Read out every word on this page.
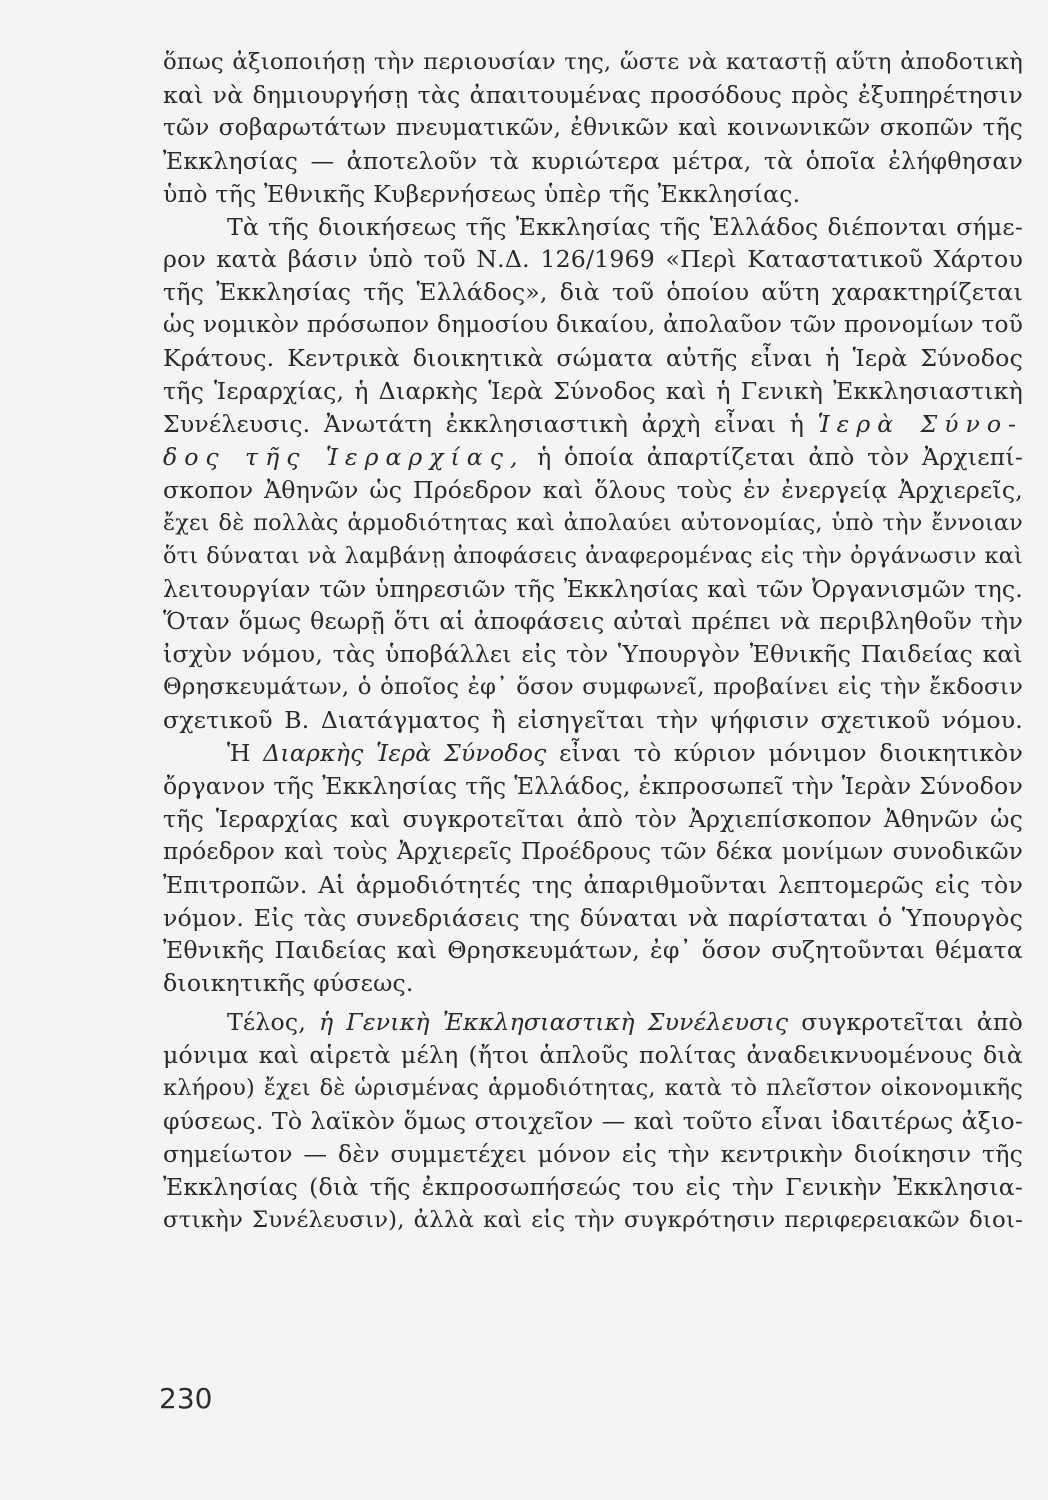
ὅπως ἀξιοποιήσῃ τὴν περιουσίαν της, ὥστε νὰ καταστῇ αὕτη ἀποδοτικὴ
καὶ νὰ δημιουργήσῃ τὰς ἀπαιτουμένας προσόδους πρὸς ἐξυπηρέτησιν
τῶν σοβαρωτάτων πνευματικῶν, ἐθνικῶν καὶ κοινωνικῶν σκοπῶν τῆς
Ἐκκλησίας — ἀποτελοῦν τὰ κυριώτερα μέτρα, τὰ ὁποῖα ἐλήφθησαν
ὑπὸ τῆς Ἐθνικῆς Κυβερνήσεως ὑπὲρ τῆς Ἐκκλησίας.
Τὰ τῆς διοικήσεως τῆς Ἐκκλησίας τῆς Ἑλλάδος διέπονται σήμε-
ρον κατὰ βάσιν ὑπὸ τοῦ Ν.Δ. 126/1969 «Περὶ Καταστατικοῦ Χάρτου
τῆς Ἐκκλησίας τῆς Ἑλλάδος», διὰ τοῦ ὁποίου αὕτη χαρακτηρίζεται
ὡς νομικὸν πρόσωπον δημοσίου δικαίου, ἀπολαῦον τῶν προνομίων τοῦ
Κράτους. Κεντρικὰ διοικητικὰ σώματα αὐτῆς εἶναι ἡ Ἱερὰ Σύνοδος
τῆς Ἱεραρχίας, ἡ Διαρκὴς Ἱερὰ Σύνοδος καὶ ἡ Γενικὴ Ἐκκλησιαστικὴ
Συνέλευσις. Ἀνωτάτη ἐκκλησιαστικὴ ἀρχὴ εἶναι ἡ Ἱερὰ Σύνο-
δος τῆς Ἱεραρχίας, ἡ ὁποία ἀπαρτίζεται ἀπὸ τὸν Ἀρχιεπί-
σκοπον Ἀθηνῶν ὡς Πρόεδρον καὶ ὅλους τοὺς ἐν ἐνεργείᾳ Ἀρχιερεῖς,
ἔχει δὲ πολλὰς ἁρμοδιότητας καὶ ἀπολαύει αὐτονομίας, ὑπὸ τὴν ἔννοιαν
ὅτι δύναται νὰ λαμβάνῃ ἀποφάσεις ἀναφερομένας εἰς τὴν ὀργάνωσιν καὶ
λειτουργίαν τῶν ὑπηρεσιῶν τῆς Ἐκκλησίας καὶ τῶν Ὀργανισμῶν της.
Ὅταν ὅμως θεωρῇ ὅτι αἱ ἀποφάσεις αὐταὶ πρέπει νὰ περιβληθοῦν τὴν
ἰσχὺν νόμου, τὰς ὑποβάλλει εἰς τὸν Ὑπουργὸν Ἐθνικῆς Παιδείας καὶ
Θρησκευμάτων, ὁ ὁποῖος ἐφ᾽ ὅσον συμφωνεῖ, προβαίνει εἰς τὴν ἔκδοσιν
σχετικοῦ Β. Διατάγματος ἢ εἰσηγεῖται τὴν ψήφισιν σχετικοῦ νόμου.
Ἡ Διαρκὴς Ἱερὰ Σύνοδος εἶναι τὸ κύριον μόνιμον διοικητικὸν
ὄργανον τῆς Ἐκκλησίας τῆς Ἑλλάδος, ἐκπροσωπεῖ τὴν Ἱερὰν Σύνοδον
τῆς Ἱεραρχίας καὶ συγκροτεῖται ἀπὸ τὸν Ἀρχιεπίσκοπον Ἀθηνῶν ὡς
πρόεδρον καὶ τοὺς Ἀρχιερεῖς Προέδρους τῶν δέκα μονίμων συνοδικῶν
Ἐπιτροπῶν. Αἱ ἁρμοδιότητές της ἀπαριθμοῦνται λεπτομερῶς εἰς τὸν
νόμον. Εἰς τὰς συνεδριάσεις της δύναται νὰ παρίσταται ὁ Ὑπουργὸς
Ἐθνικῆς Παιδείας καὶ Θρησκευμάτων, ἐφ᾽ ὅσον συζητοῦνται θέματα
διοικητικῆς φύσεως.
Τέλος, ἡ Γενικὴ Ἐκκλησιαστικὴ Συνέλευσις συγκροτεῖται ἀπὸ
μόνιμα καὶ αἱρετὰ μέλη (ἤτοι ἁπλοῦς πολίτας ἀναδεικνυομένους διὰ
κλήρου) ἔχει δὲ ὡρισμένας ἁρμοδιότητας, κατὰ τὸ πλεῖστον οἰκονομικῆς
φύσεως. Τὸ λαϊκὸν ὅμως στοιχεῖον — καὶ τοῦτο εἶναι ἰδαιτέρως ἀξιο-
σημείωτον — δὲν συμμετέχει μόνον εἰς τὴν κεντρικὴν διοίκησιν τῆς
Ἐκκλησίας (διὰ τῆς ἐκπροσωπήσεώς του εἰς τὴν Γενικὴν Ἐκκλησια-
στικὴν Συνέλευσιν), ἀλλὰ καὶ εἰς τὴν συγκρότησιν περιφερειακῶν διοι-
230
